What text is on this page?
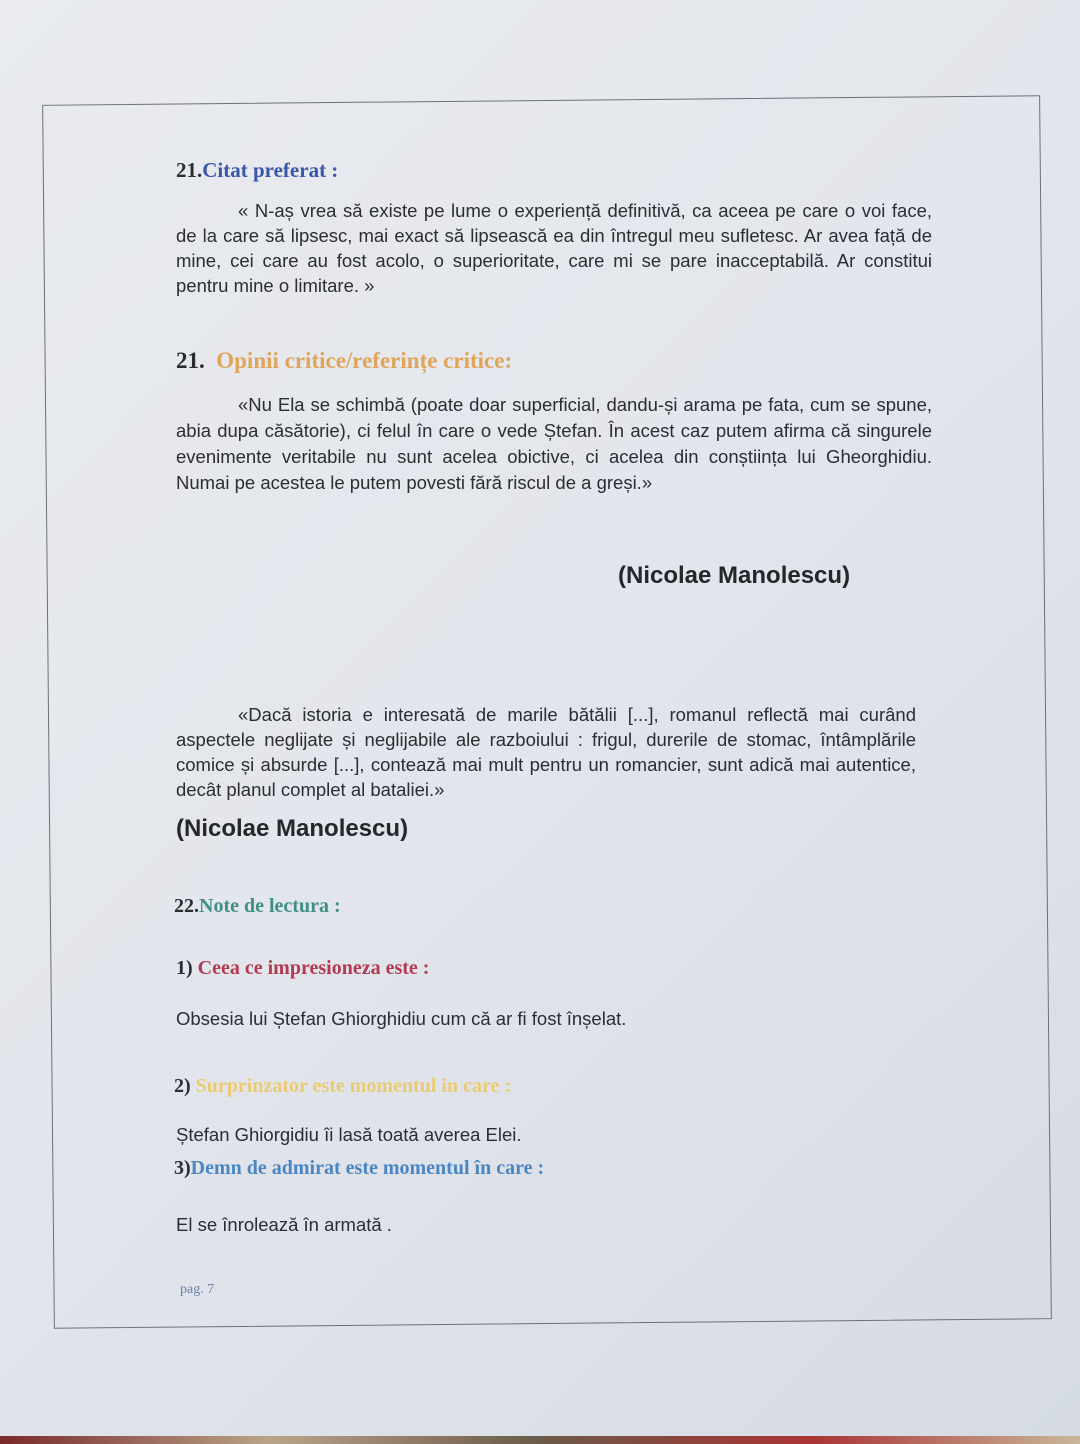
21.Citat preferat :
« N-aș vrea să existe pe lume o experiență definitivă, ca aceea pe care o voi face, de la care să lipsesc, mai exact să lipsească ea din întregul meu sufletesc. Ar avea față de mine, cei care au fost acolo, o superioritate, care mi se pare inacceptabilă. Ar constitui pentru mine o limitare. »
21. Opinii critice/referințe critice:
«Nu Ela se schimbă (poate doar superficial, dandu-și arama pe fata, cum se spune, abia dupa căsătorie), ci felul în care o vede Ștefan. În acest caz putem afirma că singurele evenimente veritabile nu sunt acelea obictive, ci acelea din conștiința lui Gheorghidiu. Numai pe acestea le putem povesti fără riscul de a greși.»
(Nicolae Manolescu)
«Dacă istoria e interesată de marile bătălii [...], romanul reflectă mai curând aspectele neglijate și neglijabile ale razboiului : frigul, durerile de stomac, întâmplările comice și absurde [...], contează mai mult pentru un romancier, sunt adică mai autentice, decât planul complet al bataliei.»
(Nicolae Manolescu)
22.Note de lectura :
1) Ceea ce impresioneza este :
Obsesia lui Ștefan Ghiorghidiu cum că ar fi fost înșelat.
2) Surprinzator este momentul in care :
Ștefan Ghiorgidiu îi lasă toată averea Elei.
3)Demn de admirat este momentul în care :
El se înrolează în armată .
pag. 7
